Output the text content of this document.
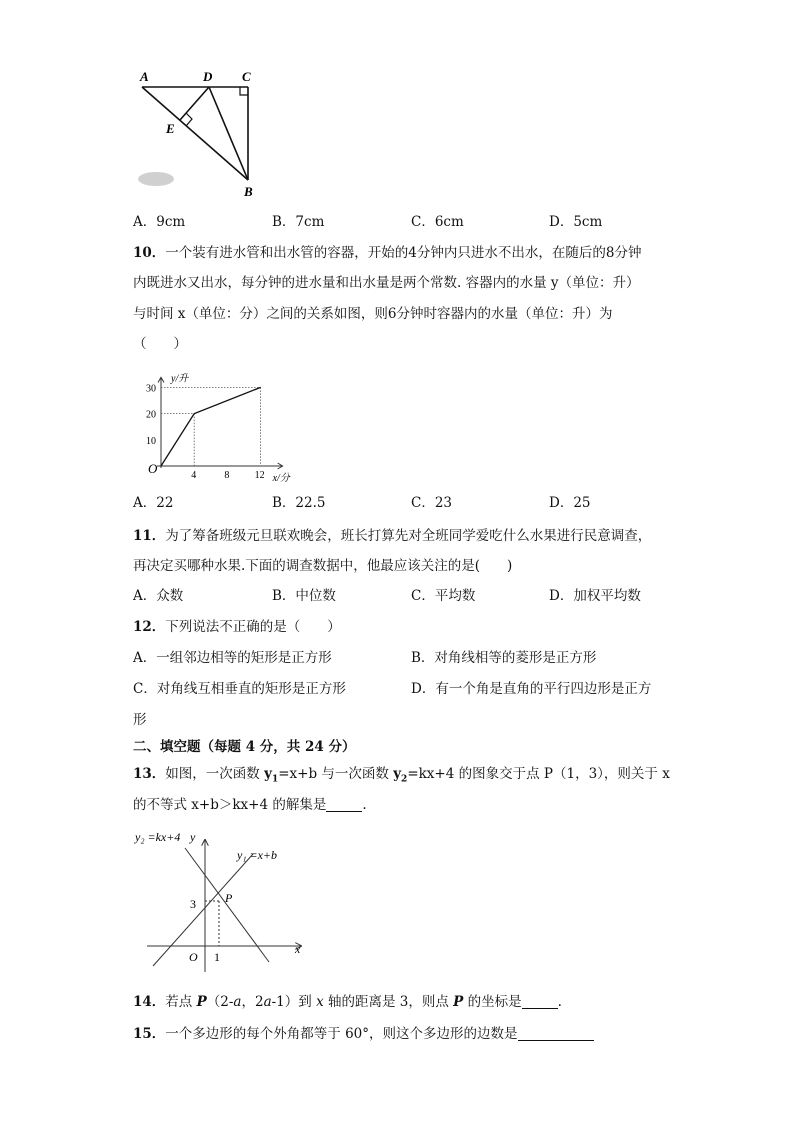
A	D C
E
B
A．9cm	B．7cm	C．6cm	D．5cm
10．一个装有进水管和出水管的容器，开始的4分钟内只进水不出水，在随后的8分钟
内既进水又出水，每分钟的进水量和出水量是两个常数. 容器内的水量 y（单位：升）
与时间 x（单位：分）之间的关系如图，则6分钟时容器内的水量（单位：升）为
（　　）
y/升
x/分
O	4	8	12
10
20
30
A．22	B．22.5	C．23	D．25
11．为了筹备班级元旦联欢晚会，班长打算先对全班同学爱吃什么水果进行民意调查，
再决定买哪种水果.下面的调查数据中，他最应该关注的是(　　)
A．众数	B．中位数	C．平均数	D．加权平均数
12．下列说法不正确的是（　　）
A．一组邻边相等的矩形是正方形	B．对角线相等的菱形是正方形
C．对角线互相垂直的矩形是正方形	D．有一个角是直角的平行四边形是正方
形
二、填空题（每题 4 分，共 24 分）
13．如图，一次函数 $y_1=x+b$ 与一次函数 $y_2=kx+4$ 的图象交于点 P（1，3），则关于 x
的不等式 x+b＞kx+4 的解集是	.
y₂ =kx+4 y
y₁ =x+b
P
3
x
O 1
14．若点 P（2-a，2a-1）到 x 轴的距离是 3，则点 P 的坐标是	.
15．一个多边形的每个外角都等于 60°，则这个多边形的边数是
